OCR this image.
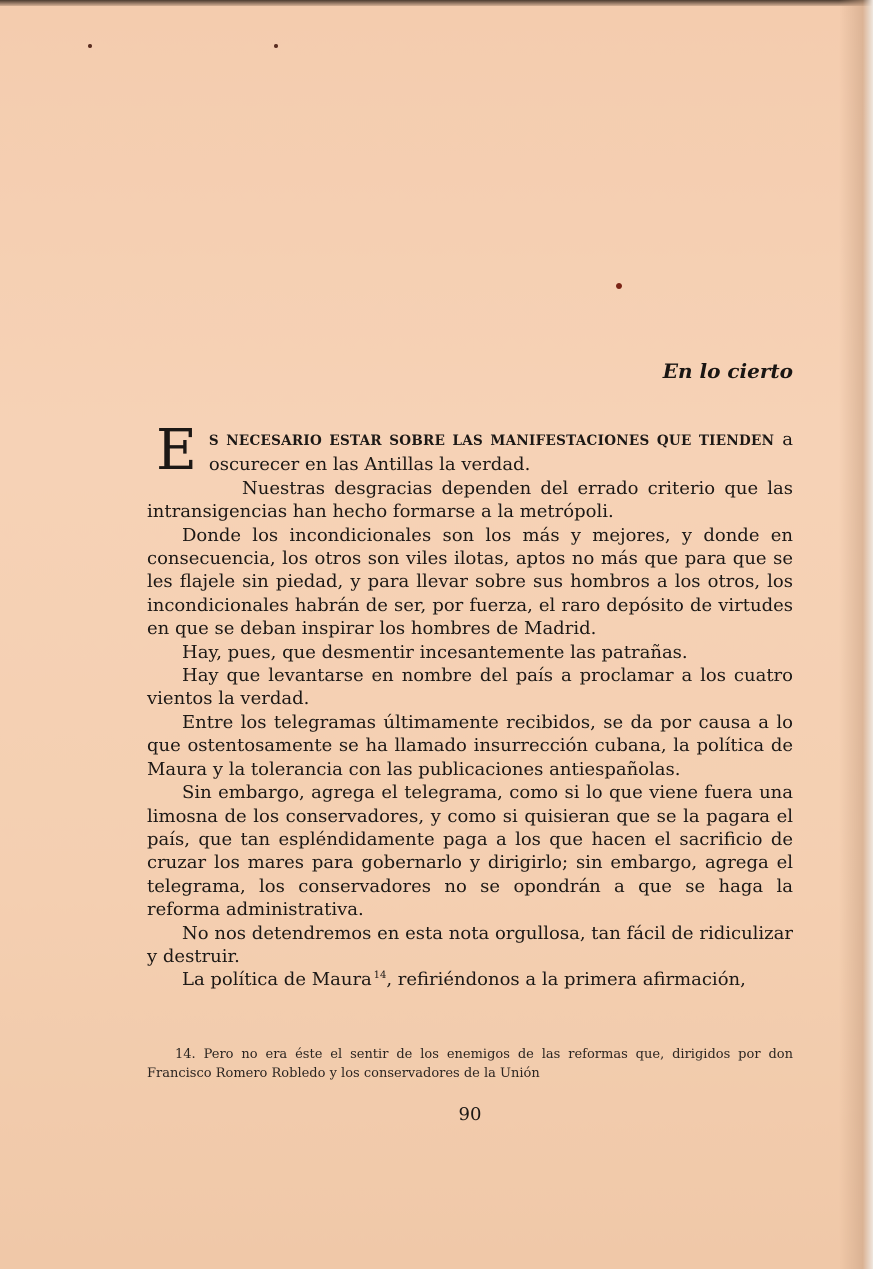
En lo cierto

E S NECESARIO ESTAR SOBRE LAS MANIFESTACIONES QUE TIENDEN a oscurecer en las Antillas la verdad.

Nuestras desgracias dependen del errado criterio que las intransigencias han hecho formarse a la metrópoli.

Donde los incondicionales son los más y mejores, y donde en consecuencia, los otros son viles ilotas, aptos no más que para que se les flajele sin piedad, y para llevar sobre sus hombros a los otros, los incondicionales habrán de ser, por fuerza, el raro depósito de virtudes en que se deban inspirar los hombres de Madrid.

Hay, pues, que desmentir incesantemente las patrañas.

Hay que levantarse en nombre del país a proclamar a los cuatro vientos la verdad.

Entre los telegramas últimamente recibidos, se da por causa a lo que ostentosamente se ha llamado insurrección cubana, la política de Maura y la tolerancia con las publicaciones antiespañolas.

Sin embargo, agrega el telegrama, como si lo que viene fuera una limosna de los conservadores, y como si quisieran que se la pagara el país, que tan espléndidamente paga a los que hacen el sacrificio de cruzar los mares para gobernarlo y dirigirlo; sin embargo, agrega el telegrama, los conservadores no se opondrán a que se haga la reforma administrativa.

No nos detendremos en esta nota orgullosa, tan fácil de ridiculizar y destruir.

La política de Maura  $^{14}$, refiriéndonos a la primera afirmación,

14. Pero no era éste el sentir de los enemigos de las reformas que, dirigidos por don Francisco Romero Robledo y los conservadores de la Unión
90
